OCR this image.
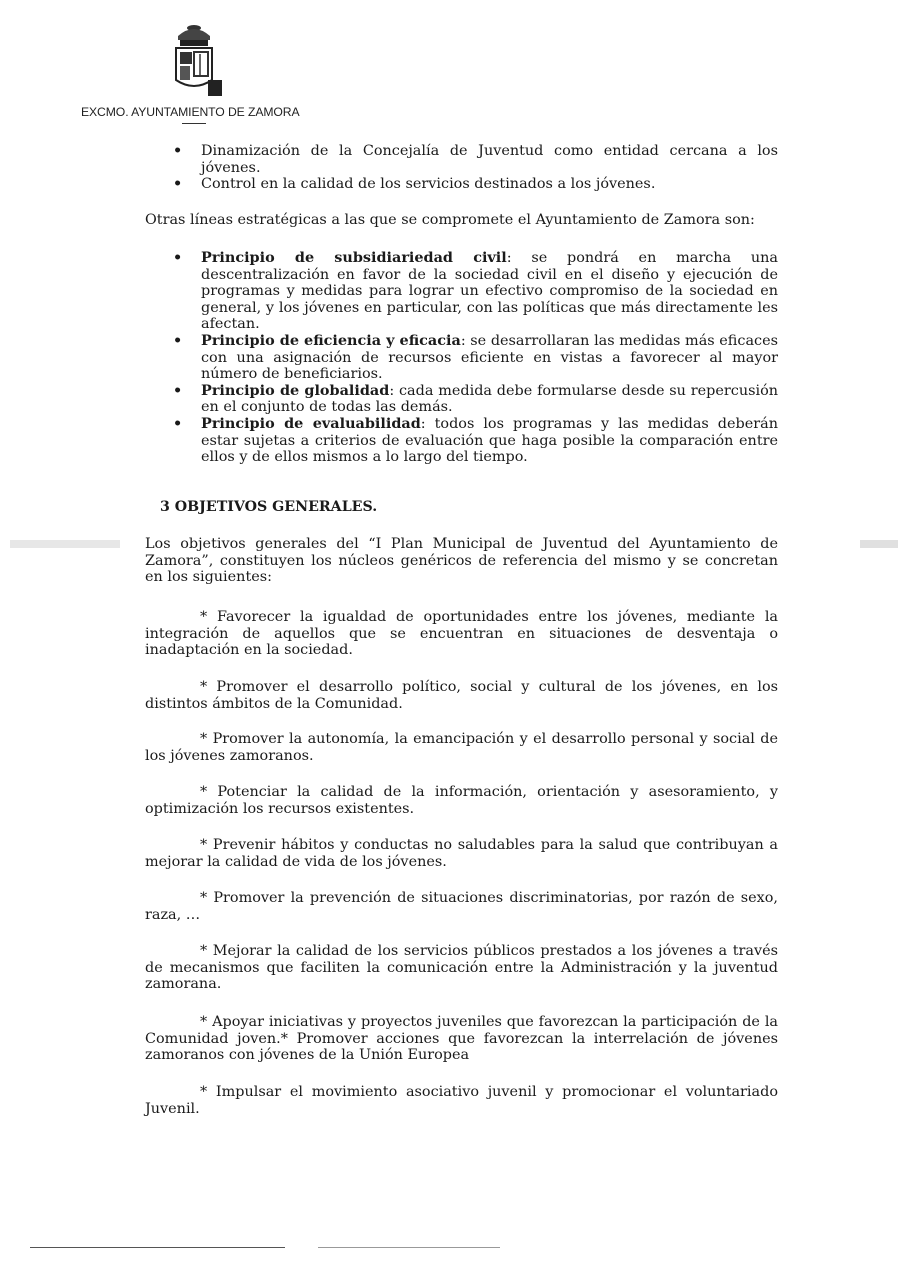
EXCMO. AYUNTAMIENTO DE ZAMORA
• Dinamización de la Concejalía de Juventud como entidad cercana a los jóvenes.
• Control en la calidad de los servicios destinados a los jóvenes.
Otras líneas estratégicas a las que se compromete el Ayuntamiento de Zamora son:
• Principio de subsidiariedad civil: se pondrá en marcha una descentralización en favor de la sociedad civil en el diseño y ejecución de programas y medidas para lograr un efectivo compromiso de la sociedad en general, y los jóvenes en particular, con las políticas que más directamente les afectan.
• Principio de eficiencia y eficacia: se desarrollaran las medidas más eficaces con una asignación de recursos eficiente en vistas a favorecer al mayor número de beneficiarios.
• Principio de globalidad: cada medida debe formularse desde su repercusión en el conjunto de todas las demás.
• Principio de evaluabilidad: todos los programas y las medidas deberán estar sujetas a criterios de evaluación que haga posible la comparación entre ellos y de ellos mismos a lo largo del tiempo.
3 OBJETIVOS GENERALES.
Los objetivos generales del “I Plan Municipal de Juventud del Ayuntamiento de Zamora”, constituyen los núcleos genéricos de referencia del mismo y se concretan en los siguientes:
* Favorecer la igualdad de oportunidades entre los jóvenes, mediante la integración de aquellos que se encuentran en situaciones de desventaja o inadaptación en la sociedad.
* Promover el desarrollo político, social y cultural de los jóvenes, en los distintos ámbitos de la Comunidad.
* Promover la autonomía, la emancipación y el desarrollo personal y social de los jóvenes zamoranos.
* Potenciar la calidad de la información, orientación y asesoramiento, y optimización los recursos existentes.
* Prevenir hábitos y conductas no saludables para la salud que contribuyan a mejorar la calidad de vida de los jóvenes.
* Promover la prevención de situaciones discriminatorias, por razón de sexo, raza, …
* Mejorar la calidad de los servicios públicos prestados a los jóvenes a través de mecanismos que faciliten la comunicación entre la Administración y la juventud zamorana.
* Apoyar iniciativas y proyectos juveniles que favorezcan la participación de la Comunidad joven.* Promover acciones que favorezcan la interrelación de jóvenes zamoranos con jóvenes de la Unión Europea
* Impulsar el movimiento asociativo juvenil y promocionar el voluntariado Juvenil.
